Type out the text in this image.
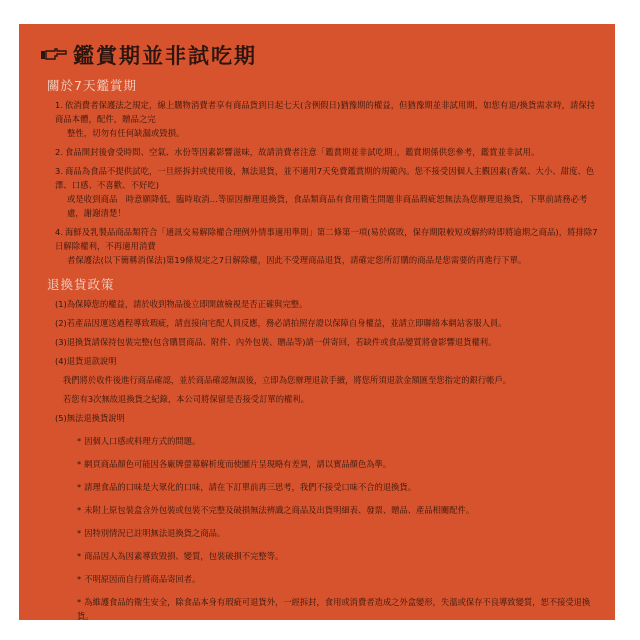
鑑賞期並非試吃期
關於7天鑑賞期
1. 依消費者保護法之規定，線上購物消費者享有商品貨到日起七天(含例假日)猶豫期的權益，但猶豫期並非試用期，如您有退/換貨需求時，請保持商品本體，配件，贈品之完
整性，切勿有任何缺漏或毀損。
2. 食品開封後會受時間、空氣、水份等因素影響滋味，故請消費者注意「鑑賞期並非試吃期」，鑑賞期係供您參考，鑑賞並非試用。
3. 商品為食品不提供試吃，一旦經拆封或使用後，無法退貨，並不適用7天免費鑑賞期的規範內。您不接受因個人主觀因素(香氣、大小、甜度、色澤、口感、不喜歡、不好吃)
或是收到商品　時意願降低，臨時取消...等原因辦理退換貨，食品類商品有食用衛生問題非商品瑕疵恕無法為您辦理退換貨，下單前請務必考慮，謝謝清楚！
4. 海鮮及乳製品商品類符合「通訊交易解除權合理例外情事適用準則」第二條第一項(易於腐敗，保存期限較短或解約時即將逾期之商品)，將排除7日解除權利，不再適用消費
者保護法(以下簡稱消保法)第19條規定之7日解除權，因此不受理商品退貨，請確定您所訂購的商品是您需要的再進行下單。
退換貨政策
(1)為保障您的權益，請於收到物品後立即開啟檢視是否正確與完整。
(2)若產品因運送過程導致瑕疵，請直接向宅配人員反應，務必請拍照存證以保障自身權益，並請立即聯絡本網站客服人員。
(3)退換貨請保持包裝完整(包含購買商品、附件、內外包裝、贈品等)請一併寄回，若缺件或食品變質將會影響退貨權利。
(4)退貨退款說明
我們將於收件後進行商品確認，並於商品確認無誤後，立即為您辦理退款手續，將您所須退款金額匯至您指定的銀行帳戶。
若您有3次無故退換貨之紀錄，本公司將保留是否接受訂單的權利。
(5)無法退換貨說明
* 因個人口感或料理方式的問題。
* 網頁商品顏色可能因各廠牌螢幕解析度而使圖片呈現略有差異，請以實品顏色為準。
* 請理食品的口味是大眾化的口味，請在下訂單前再三思考，我們不接受口味不合的退換貨。
* 未附上原包裝盒含外包裝或包裝不完整及破損無法辨識之商品及出貨明細表、發票、贈品、產品相關配件。
* 因特別情況已註明無法退換貨之商品。
* 商品因人為因素導致毀損、變質，包裝破損不完整等。
* 不明原因而自行將商品寄回者。
* 為維護食品的衛生安全，除食品本身有瑕疵可退貨外，一經拆封，食用或消費者造成之外盒變形，失溫或保存不良導致變質，恕不接受退換貨。
